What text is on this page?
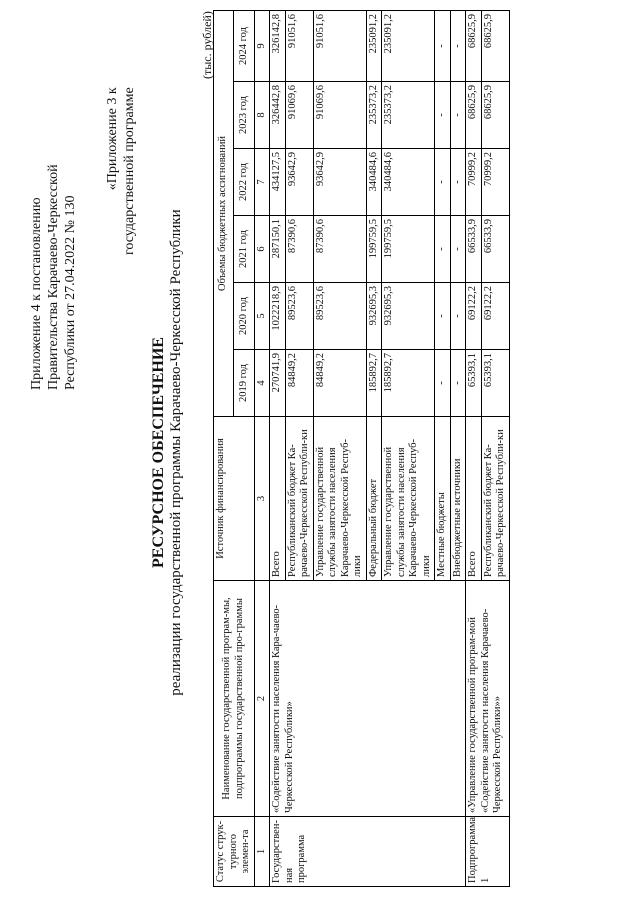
Приложение 4 к постановлению Правительства Карачаево-Черкесской Республики от 27.04.2022 № 130
«Приложение 3 к государственной программе
РЕСУРСНОЕ ОБЕСПЕЧЕНИЕ реализации государственной программы Карачаево-Черкесской Республики
(тыс. рублей)
Статус струк-турного элемен-та	Наименование государственной програм-мы, подпрограммы государственной про-граммы	Источник финансирования	Объемы бюджетных ассигнований					
			2019 год	2020 год	2021 год	2022 год	2023 год	2024 год
1	2	3	4	5	6	7	8	9
Государствен-ная программа	«Содействие занятости населения Кара-чаево-Черкесской Республики»	Всего	270741,9	1022218,9	287150,1	434127,5	326442,8	326142,8
		Республиканский бюджет Ка-рачаево-Черкесской Республи-ки	84849,2	89523,6	87390,6	93642,9	91069,6	91051,6
		Управление государственной службы занятости населения Карачаево-Черкесской Респуб-лики	84849,2	89523,6	87390,6	93642,9	91069,6	91051,6
		Федеральный бюджет	185892,7	932695,3	199759,5	340484,6	235373,2	235091,2
		Управление государственной службы занятости населения Карачаево-Черкесской Респуб-лики	185892,7	932695,3	199759,5	340484,6	235373,2	235091,2
		Местные бюджеты	-	-	-	-	-	-
		Внебюджетные источники	-	-	-	-	-	-
Подпрограмма 1	«Управление государственной програм-мой «Содействие занятости населения Карачаево-Черкесской Республики»»	Всего	65393,1	69122,2	66533,9	70999,2	68625,9	68625,9
		Республиканский бюджет Ка-рачаево-Черкесской Республи-ки	65393,1	69122,2	66533,9	70999,2	68625,9	68625,9
